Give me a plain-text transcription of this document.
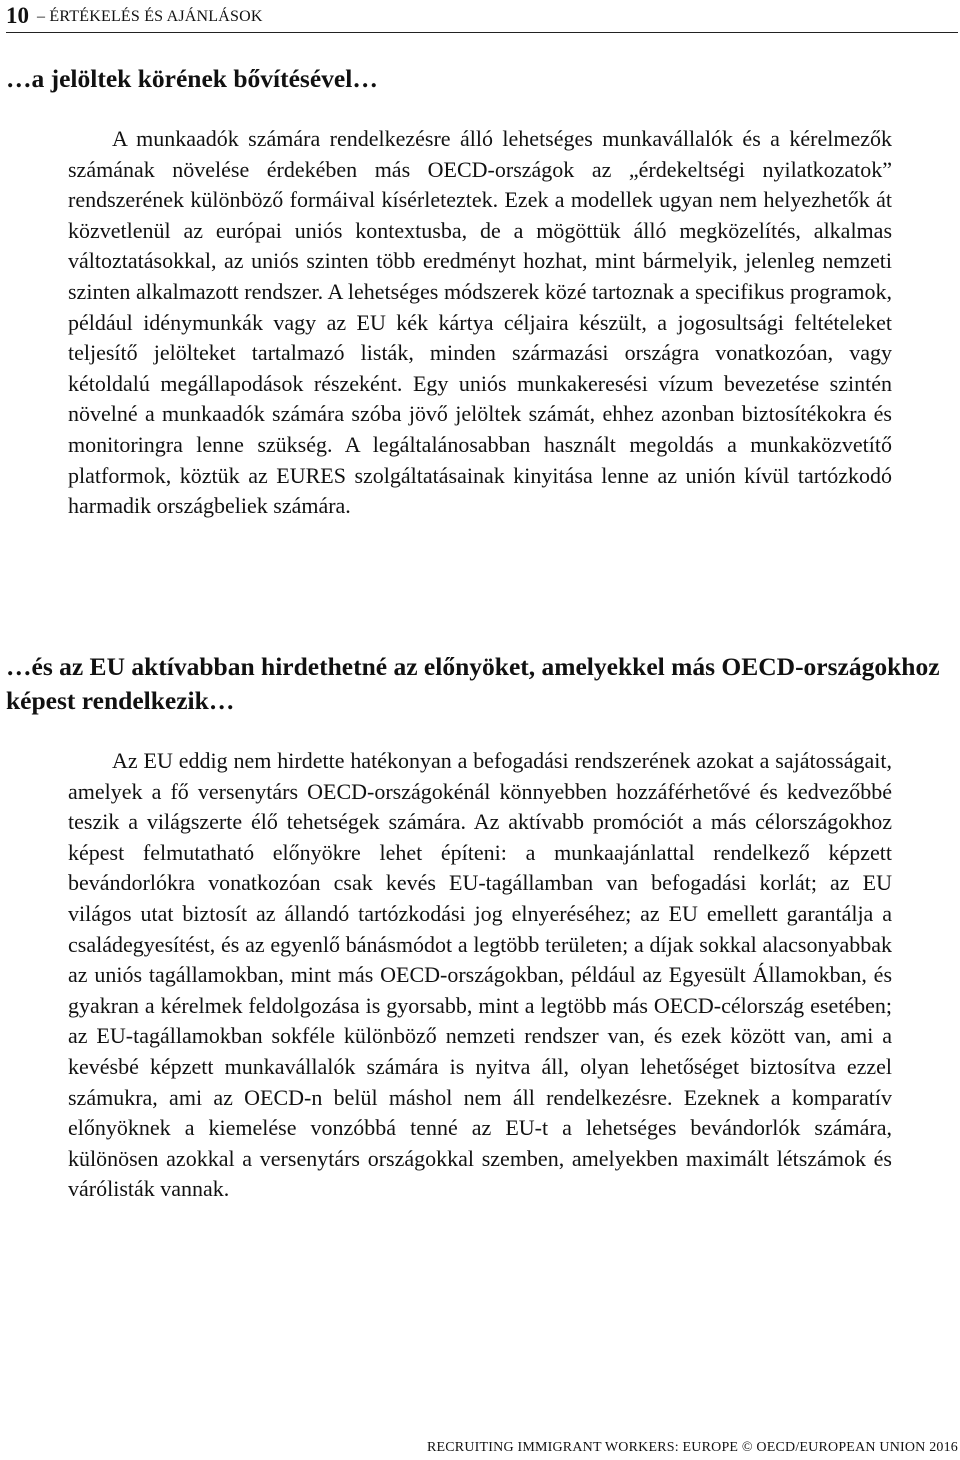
10 – ÉRTÉKELÉS ÉS AJÁNLÁSOK
…a jelöltek körének bővítésével…

A munkaadók számára rendelkezésre álló lehetséges munkavállalók és a kérelmezők számának növelése érdekében más OECD-országok az „érdekeltségi nyilatkozatok” rendszerének különböző formáival kísérleteztek. Ezek a modellek ugyan nem helyezhetők át közvetlenül az európai uniós kontextusba, de a mögöttük álló megközelítés, alkalmas változtatásokkal, az uniós szinten több eredményt hozhat, mint bármelyik, jelenleg nemzeti szinten alkalmazott rendszer. A lehetséges módszerek közé tartoznak a specifikus programok, például idénymunkák vagy az EU kék kártya céljaira készült, a jogosultsági feltételeket teljesítő jelölteket tartalmazó listák, minden származási országra vonatkozóan, vagy kétoldalú megállapodások részeként. Egy uniós munkakeresési vízum bevezetése szintén növelné a munkaadók számára szóba jövő jelöltek számát, ehhez azonban biztosítékokra és monitoringra lenne szükség. A legáltalánosabban használt megoldás a munkaközvetítő platformok, köztük az EURES szolgáltatásainak kinyitása lenne az unión kívül tartózkodó harmadik országbeliek számára.

…és az EU aktívabban hirdethetné az előnyöket, amelyekkel más OECD-országokhoz képest rendelkezik…

Az EU eddig nem hirdette hatékonyan a befogadási rendszerének azokat a sajátosságait, amelyek a fő versenytárs OECD-országokénál könnyebben hozzáférhetővé és kedvezőbbé teszik a világszerte élő tehetségek számára. Az aktívabb promóciót a más célországokhoz képest felmutatható előnyökre lehet építeni: a munkaajánlattal rendelkező képzett bevándorlókra vonatkozóan csak kevés EU-tagállamban van befogadási korlát; az EU világos utat biztosít az állandó tartózkodási jog elnyeréséhez; az EU emellett garantálja a családegyesítést, és az egyenlő bánásmódot a legtöbb területen; a díjak sokkal alacsonyabbak az uniós tagállamokban, mint más OECD-országokban, például az Egyesült Államokban, és gyakran a kérelmek feldolgozása is gyorsabb, mint a legtöbb más OECD-célország esetében; az EU-tagállamokban sokféle különböző nemzeti rendszer van, és ezek között van, ami a kevésbé képzett munkavállalók számára is nyitva áll, olyan lehetőséget biztosítva ezzel számukra, ami az OECD-n belül máshol nem áll rendelkezésre. Ezeknek a komparatív előnyöknek a kiemelése vonzóbbá tenné az EU-t a lehetséges bevándorlók számára, különösen azokkal a versenytárs országokkal szemben, amelyekben maximált létszámok és várólisták vannak.

RECRUITING IMMIGRANT WORKERS: EUROPE © OECD/EUROPEAN UNION 2016
